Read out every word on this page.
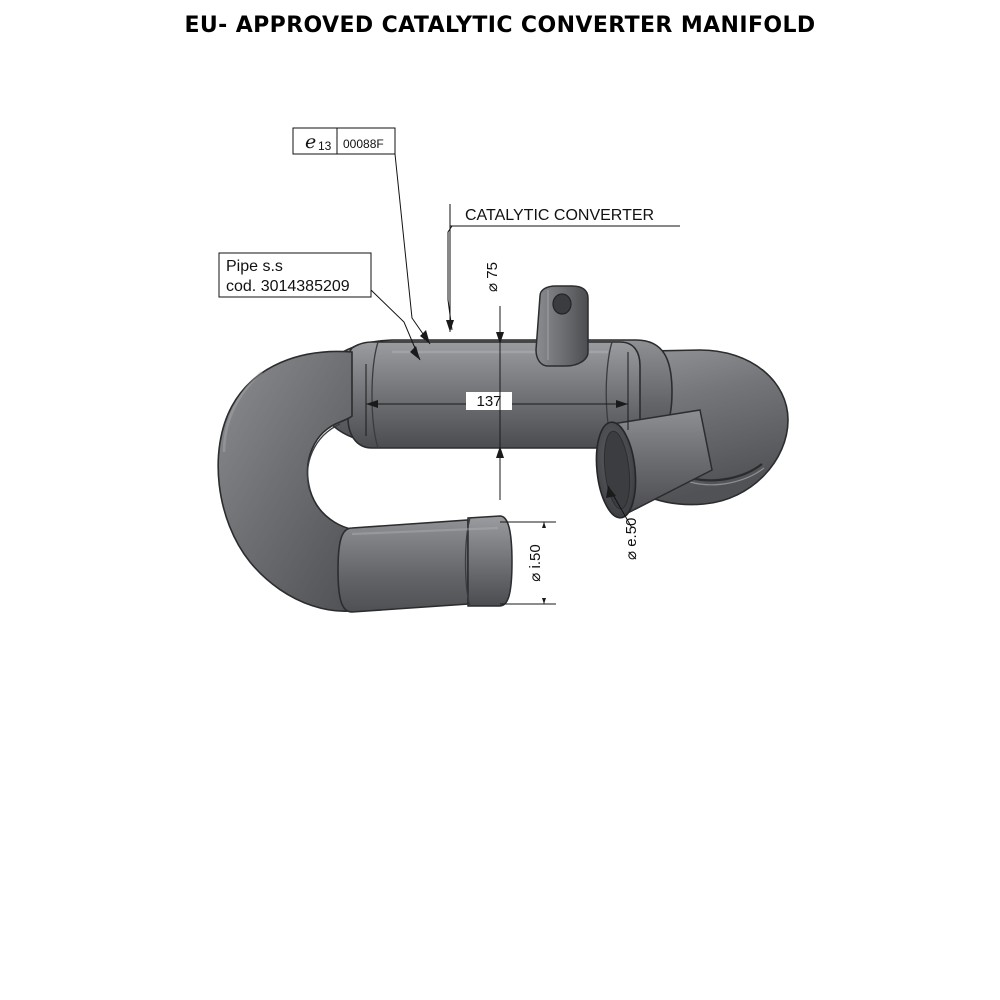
EU- APPROVED CATALYTIC CONVERTER MANIFOLD
137
⌀ 75
⌀ i.50
⌀ e.50
e 13 00088F
CATALYTIC CONVERTER
Pipe s.s
cod. 3014385209
